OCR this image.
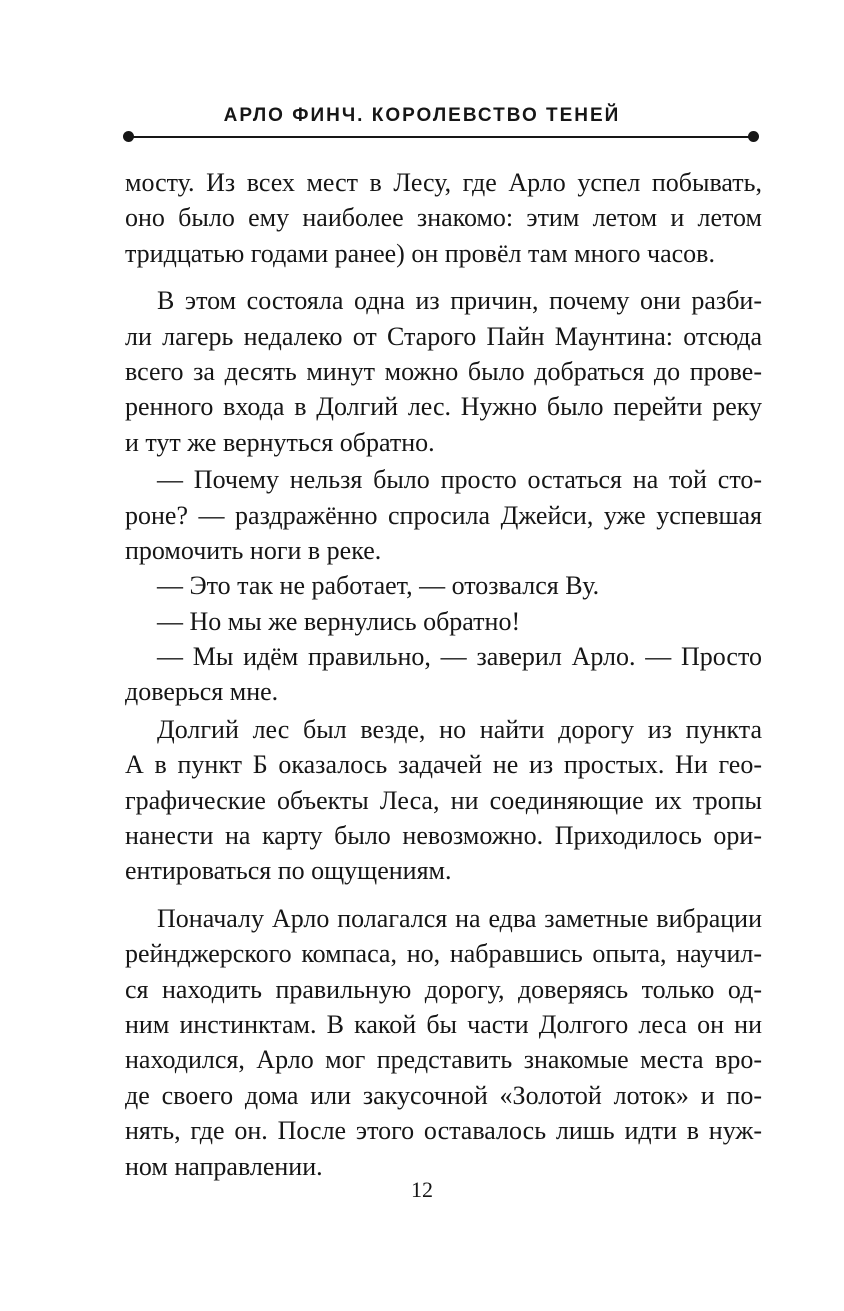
АРЛО ФИНЧ. КОРОЛЕВСТВО ТЕНЕЙ
мосту. Из всех мест в Лесу, где Арло успел побывать,
оно было ему наиболее знакомо: этим летом и летом
тридцатью годами ранее) он провёл там много часов.
В этом состояла одна из причин, почему они разби-
ли лагерь недалеко от Старого Пайн Маунтина: отсюда
всего за десять минут можно было добраться до прове-
ренного входа в Долгий лес. Нужно было перейти реку
и тут же вернуться обратно.
— Почему нельзя было просто остаться на той сто-
роне? — раздражённо спросила Джейси, уже успевшая
промочить ноги в реке.
— Это так не работает, — отозвался Ву.
— Но мы же вернулись обратно!
— Мы идём правильно, — заверил Арло. — Просто
доверься мне.
Долгий лес был везде, но найти дорогу из пункта
А в пункт Б оказалось задачей не из простых. Ни гео-
графические объекты Леса, ни соединяющие их тропы
нанести на карту было невозможно. Приходилось ори-
ентироваться по ощущениям.
Поначалу Арло полагался на едва заметные вибрации
рейнджерского компаса, но, набравшись опыта, научил-
ся находить правильную дорогу, доверяясь только од-
ним инстинктам. В какой бы части Долгого леса он ни
находился, Арло мог представить знакомые места вро-
де своего дома или закусочной «Золотой лоток» и по-
нять, где он. После этого оставалось лишь идти в нуж-
ном направлении.
12
